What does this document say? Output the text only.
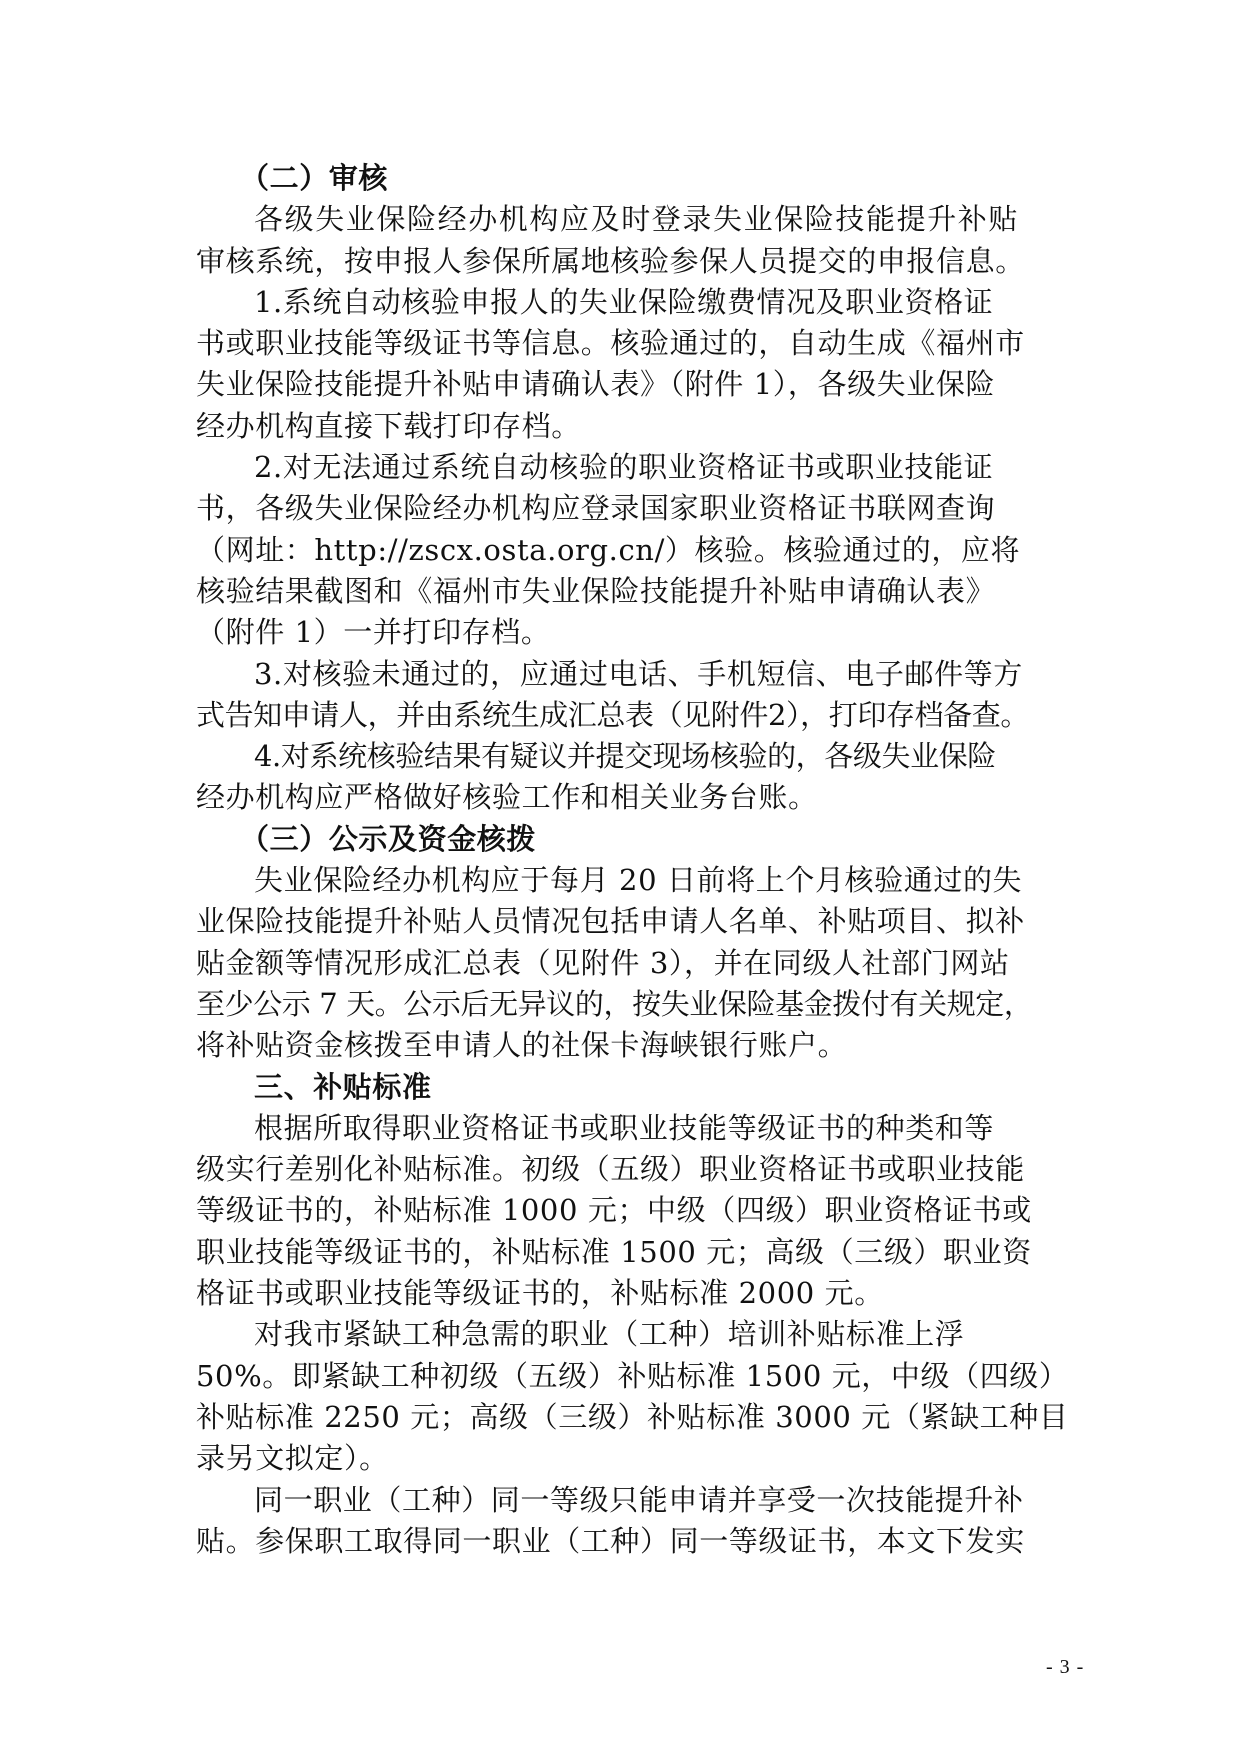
（二）审核
各级失业保险经办机构应及时登录失业保险技能提升补贴
审核系统，按申报人参保所属地核验参保人员提交的申报信息。
1.系统自动核验申报人的失业保险缴费情况及职业资格证
书或职业技能等级证书等信息。核验通过的，自动生成《福州市
失业保险技能提升补贴申请确认表》（附件 1），各级失业保险
经办机构直接下载打印存档。
2.对无法通过系统自动核验的职业资格证书或职业技能证
书，各级失业保险经办机构应登录国家职业资格证书联网查询
（网址：http://zscx.osta.org.cn/）核验。核验通过的，应将
核验结果截图和《福州市失业保险技能提升补贴申请确认表》
（附件 1）一并打印存档。
3.对核验未通过的，应通过电话、手机短信、电子邮件等方
式告知申请人，并由系统生成汇总表（见附件2），打印存档备查。
4.对系统核验结果有疑议并提交现场核验的，各级失业保险
经办机构应严格做好核验工作和相关业务台账。
（三）公示及资金核拨
失业保险经办机构应于每月 20 日前将上个月核验通过的失
业保险技能提升补贴人员情况包括申请人名单、补贴项目、拟补
贴金额等情况形成汇总表（见附件 3），并在同级人社部门网站
至少公示 7 天。公示后无异议的，按失业保险基金拨付有关规定，
将补贴资金核拨至申请人的社保卡海峡银行账户。
三、补贴标准
根据所取得职业资格证书或职业技能等级证书的种类和等
级实行差别化补贴标准。初级（五级）职业资格证书或职业技能
等级证书的，补贴标准 1000 元；中级（四级）职业资格证书或
职业技能等级证书的，补贴标准 1500 元；高级（三级）职业资
格证书或职业技能等级证书的，补贴标准 2000 元。
对我市紧缺工种急需的职业（工种）培训补贴标准上浮
50%。即紧缺工种初级（五级）补贴标准 1500 元，中级（四级）
补贴标准 2250 元；高级（三级）补贴标准 3000 元（紧缺工种目
录另文拟定）。
同一职业（工种）同一等级只能申请并享受一次技能提升补
贴。参保职工取得同一职业（工种）同一等级证书，本文下发实
- 3 -
